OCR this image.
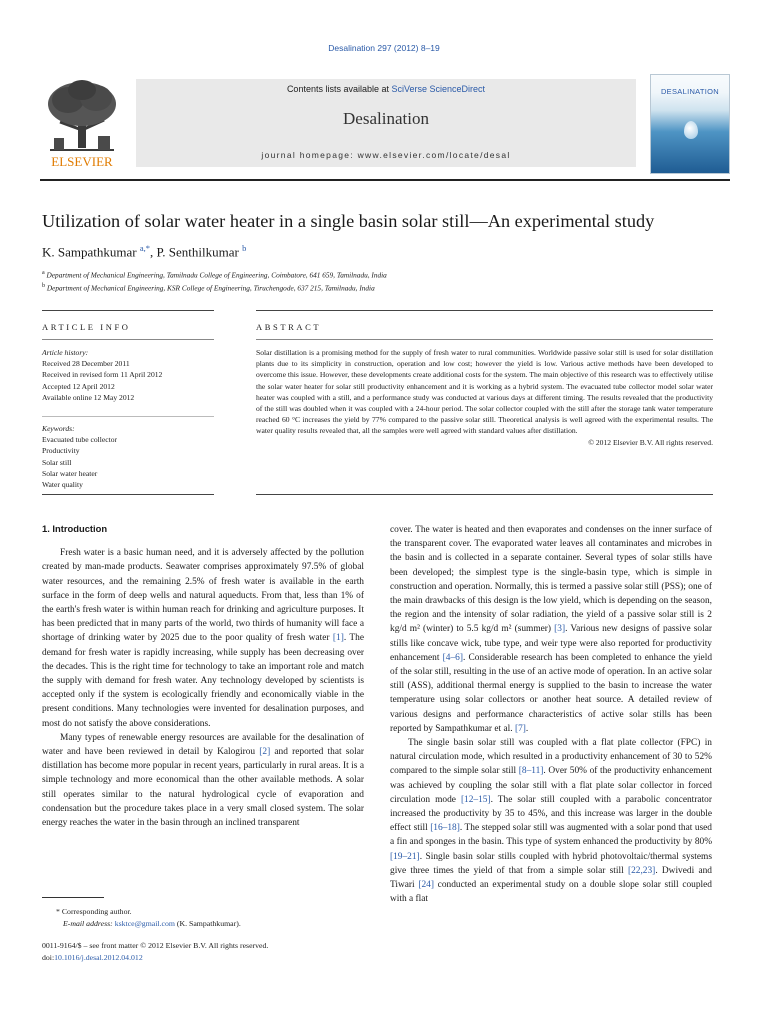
Desalination 297 (2012) 8–19
ELSEVIER
Contents lists available at SciVerse ScienceDirect
Desalination
journal homepage: www.elsevier.com/locate/desal
DESALINATION
Utilization of solar water heater in a single basin solar still—An experimental study
K. Sampathkumar $^{a,*}$, P. Senthilkumar $^b$
$^a$ Department of Mechanical Engineering, Tamilnadu College of Engineering, Coimbatore, 641 659, Tamilnadu, India
$^b$ Department of Mechanical Engineering, KSR College of Engineering, Tiruchengode, 637 215, Tamilnadu, India
ARTICLE INFO	ABSTRACT
Article history:
Received 28 December 2011
Received in revised form 11 April 2012
Accepted 12 April 2012
Available online 12 May 2012
Keywords:
Evacuated tube collector
Productivity
Solar still
Solar water heater
Water quality

Solar distillation is a promising method for the supply of fresh water to rural communities. Worldwide passive solar still is used for solar distillation plants due to its simplicity in construction, operation and low cost; however the yield is low. Various active methods have been developed to overcome this issue. However, these developments create additional costs for the system. The main objective of this research was to effectively utilise the solar water heater for solar still productivity enhancement and it is working as a hybrid system. The evacuated tube collector model solar water heater was coupled with a still, and a performance study was conducted at various days at different timing. The results revealed that the productivity of the still was doubled when it was coupled with a 24-hour period. The solar collector coupled with the still after the storage tank water temperature reached 60 °C increases the yield by 77% compared to the passive solar still. Theoretical analysis is well agreed with the experimental results. The water quality results revealed that, all the samples were well agreed with standard values after distillation.

© 2012 Elsevier B.V. All rights reserved.

1. Introduction

Fresh water is a basic human need, and it is adversely affected by the pollution created by man-made products. Seawater comprises approximately 97.5% of global water resources, and the remaining 2.5% of fresh water is available in the earth surface in the form of deep wells and natural aqueducts. From that, less than 1% of the earth's fresh water is within human reach for drinking and agriculture purposes. It has been predicted that in many parts of the world, two thirds of humanity will face a shortage of drinking water by 2025 due to the poor quality of fresh water [1]. The demand for fresh water is rapidly increasing, while supply has been decreasing over the decades. This is the right time for technology to take an important role and match the supply with demand for fresh water. Any technology developed by scientists is accepted only if the system is ecologically friendly and economically viable in the present conditions. Many technologies were invented for desalination purposes, and most do not satisfy the above considerations.

Many types of renewable energy resources are available for the desalination of water and have been reviewed in detail by Kalogirou [2] and reported that solar distillation has become more popular in recent years, particularly in rural areas. It is a simple technology and more economical than the other available methods. A solar still operates similar to the natural hydrological cycle of evaporation and condensation but the procedure takes place in a very small closed system. The solar energy reaches the water in the basin through an inclined transparent

cover. The water is heated and then evaporates and condenses on the inner surface of the transparent cover. The evaporated water leaves all contaminates and microbes in the basin and is collected in a separate container. Several types of solar stills have been developed; the simplest type is the single-basin type, which is simple in construction and operation. Normally, this is termed a passive solar still (PSS); one of the main drawbacks of this design is the low yield, which is depending on the season, the region and the intensity of solar radiation, the yield of a passive solar still is 2 kg/d m² (winter) to 5.5 kg/d m² (summer) [3]. Various new designs of passive solar stills like concave wick, tube type, and weir type were also reported for productivity enhancement [4–6]. Considerable research has been completed to enhance the yield of the solar still, resulting in the use of an active mode of operation. In an active solar still (ASS), additional thermal energy is supplied to the basin to increase the water temperature using solar collectors or another heat source. A detailed review of various designs and performance characteristics of active solar stills has been reported by Sampathkumar et al. [7].

The single basin solar still was coupled with a flat plate collector (FPC) in natural circulation mode, which resulted in a productivity enhancement of 30 to 52% compared to the simple solar still [8–11]. Over 50% of the productivity enhancement was achieved by coupling the solar still with a flat plate solar collector in forced circulation mode [12–15]. The solar still coupled with a parabolic concentrator increased the productivity by 35 to 45%, and this increase was larger in the double effect still [16–18]. The stepped solar still was augmented with a solar pond that used a fin and sponges in the basin. This type of system enhanced the productivity by 80% [19–21]. Single basin solar stills coupled with hybrid photovoltaic/thermal systems give three times the yield of that from a simple solar still [22,23]. Dwivedi and Tiwari [24] conducted an experimental study on a double slope solar still coupled with a flat

* Corresponding author.
E-mail address: ksktce@gmail.com (K. Sampathkumar).
0011-9164/$ – see front matter © 2012 Elsevier B.V. All rights reserved.
doi:10.1016/j.desal.2012.04.012
